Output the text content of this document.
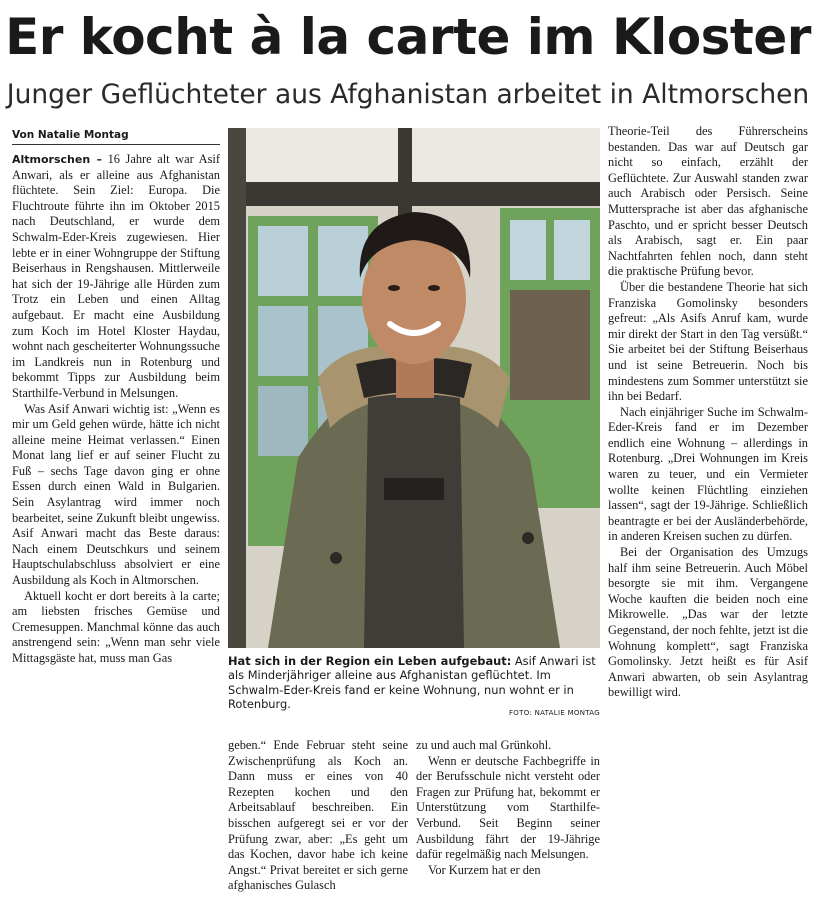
Er kocht à la carte im Kloster
Junger Geflüchteter aus Afghanistan arbeitet in Altmorschen
Von Natalie Montag

Altmorschen – 16 Jahre alt war Asif Anwari, als er alleine aus Afghanistan flüchtete. Sein Ziel: Europa. Die Fluchtroute führte ihn im Oktober 2015 nach Deutschland, er wurde dem Schwalm-Eder-Kreis zugewiesen. Hier lebte er in einer Wohngruppe der Stiftung Beiserhaus in Rengshausen. Mittlerweile hat sich der 19-Jährige alle Hürden zum Trotz ein Leben und einen Alltag aufgebaut. Er macht eine Ausbildung zum Koch im Hotel Kloster Haydau, wohnt nach gescheiterter Wohnungssuche im Landkreis nun in Rotenburg und bekommt Tipps zur Ausbildung beim Starthilfe-Verbund in Melsungen.

Was Asif Anwari wichtig ist: „Wenn es mir um Geld gehen würde, hätte ich nicht alleine meine Heimat verlassen.“ Einen Monat lang lief er auf seiner Flucht zu Fuß – sechs Tage davon ging er ohne Essen durch einen Wald in Bulgarien. Sein Asylantrag wird immer noch bearbeitet, seine Zukunft bleibt ungewiss. Asif Anwari macht das Beste daraus: Nach einem Deutschkurs und seinem Hauptschulabschluss absolviert er eine Ausbildung als Koch in Altmorschen.

Aktuell kocht er dort bereits à la carte; am liebsten frisches Gemüse und Cremesuppen. Manchmal könne das auch anstrengend sein: „Wenn man sehr viele Mittagsgäste hat, muss man Gas	Hat sich in der Region ein Leben aufgebaut: Asif Anwari ist als Minderjähriger alleine aus Afghanistan geflüchtet. Im Schwalm-Eder-Kreis fand er keine Wohnung, nun wohnt er in Rotenburg.
FOTO: NATALIE MONTAG

geben.“ Ende Februar steht seine Zwischenprüfung als Koch an. Dann muss er eines von 40 Rezepten kochen und den Arbeitsablauf beschreiben. Ein bisschen aufgeregt sei er vor der Prüfung zwar, aber: „Es geht um das Kochen, davor habe ich keine Angst.“ Privat bereitet er sich gerne afghanisches Gulasch

zu und auch mal Grünkohl.

Wenn er deutsche Fachbegriffe in der Berufsschule nicht versteht oder Fragen zur Prüfung hat, bekommt er Unterstützung vom Starthilfe-Verbund. Seit Beginn seiner Ausbildung fährt der 19-Jährige dafür regelmäßig nach Melsungen.

Vor Kurzem hat er den

Theorie-Teil des Führerscheins bestanden. Das war auf Deutsch gar nicht so einfach, erzählt der Geflüchtete. Zur Auswahl standen zwar auch Arabisch oder Persisch. Seine Muttersprache ist aber das afghanische Paschto, und er spricht besser Deutsch als Arabisch, sagt er. Ein paar Nachtfahrten fehlen noch, dann steht die praktische Prüfung bevor.

Über die bestandene Theorie hat sich Franziska Gomolinsky besonders gefreut: „Als Asifs Anruf kam, wurde mir direkt der Start in den Tag versüßt.“ Sie arbeitet bei der Stiftung Beiserhaus und ist seine Betreuerin. Noch bis mindestens zum Sommer unterstützt sie ihn bei Bedarf.

Nach einjähriger Suche im Schwalm-Eder-Kreis fand er im Dezember endlich eine Wohnung – allerdings in Rotenburg. „Drei Wohnungen im Kreis waren zu teuer, und ein Vermieter wollte keinen Flüchtling einziehen lassen“, sagt der 19-Jährige. Schließlich beantragte er bei der Ausländerbehörde, in anderen Kreisen suchen zu dürfen.

Bei der Organisation des Umzugs half ihm seine Betreuerin. Auch Möbel besorgte sie mit ihm. Vergangene Woche kauften die beiden noch eine Mikrowelle. „Das war der letzte Gegenstand, der noch fehlte, jetzt ist die Wohnung komplett“, sagt Franziska Gomolinsky. Jetzt heißt es für Asif Anwari abwarten, ob sein Asylantrag bewilligt wird.
